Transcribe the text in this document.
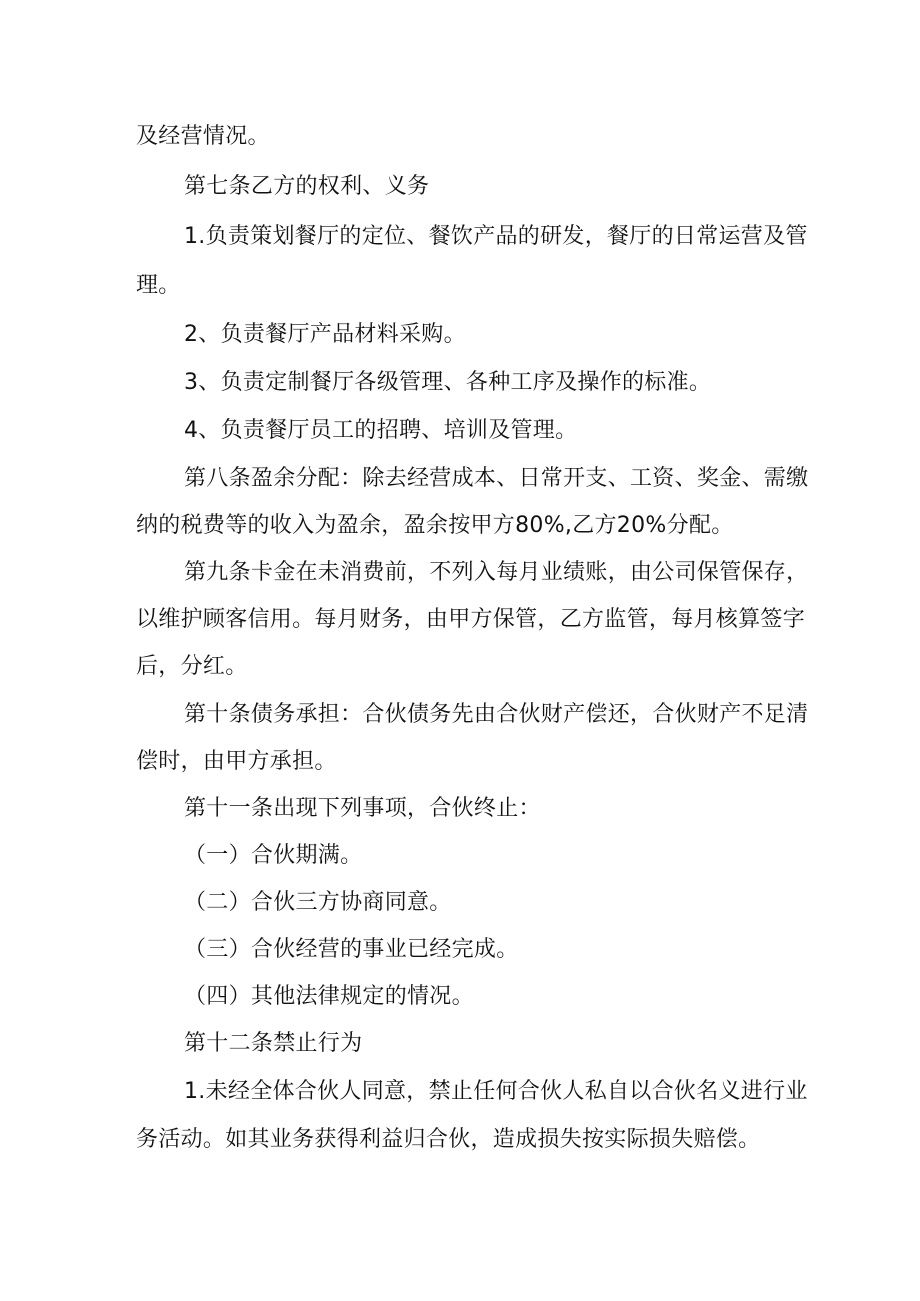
及经营情况。
第七条乙方的权利、义务
1.负责策划餐厅的定位、餐饮产品的研发，餐厅的日常运营及管
理。
2、负责餐厅产品材料采购。
3、负责定制餐厅各级管理、各种工序及操作的标准。
4、负责餐厅员工的招聘、培训及管理。
第八条盈余分配：除去经营成本、日常开支、工资、奖金、需缴
纳的税费等的收入为盈余，盈余按甲方80%,乙方20%分配。
第九条卡金在未消费前，不列入每月业绩账，由公司保管保存，
以维护顾客信用。每月财务，由甲方保管，乙方监管，每月核算签字
后，分红。
第十条债务承担：合伙债务先由合伙财产偿还，合伙财产不足清
偿时，由甲方承担。
第十一条出现下列事项，合伙终止：
（一）合伙期满。
（二）合伙三方协商同意。
（三）合伙经营的事业已经完成。
（四）其他法律规定的情况。
第十二条禁止行为
1.未经全体合伙人同意，禁止任何合伙人私自以合伙名义进行业
务活动。如其业务获得利益归合伙，造成损失按实际损失赔偿。
